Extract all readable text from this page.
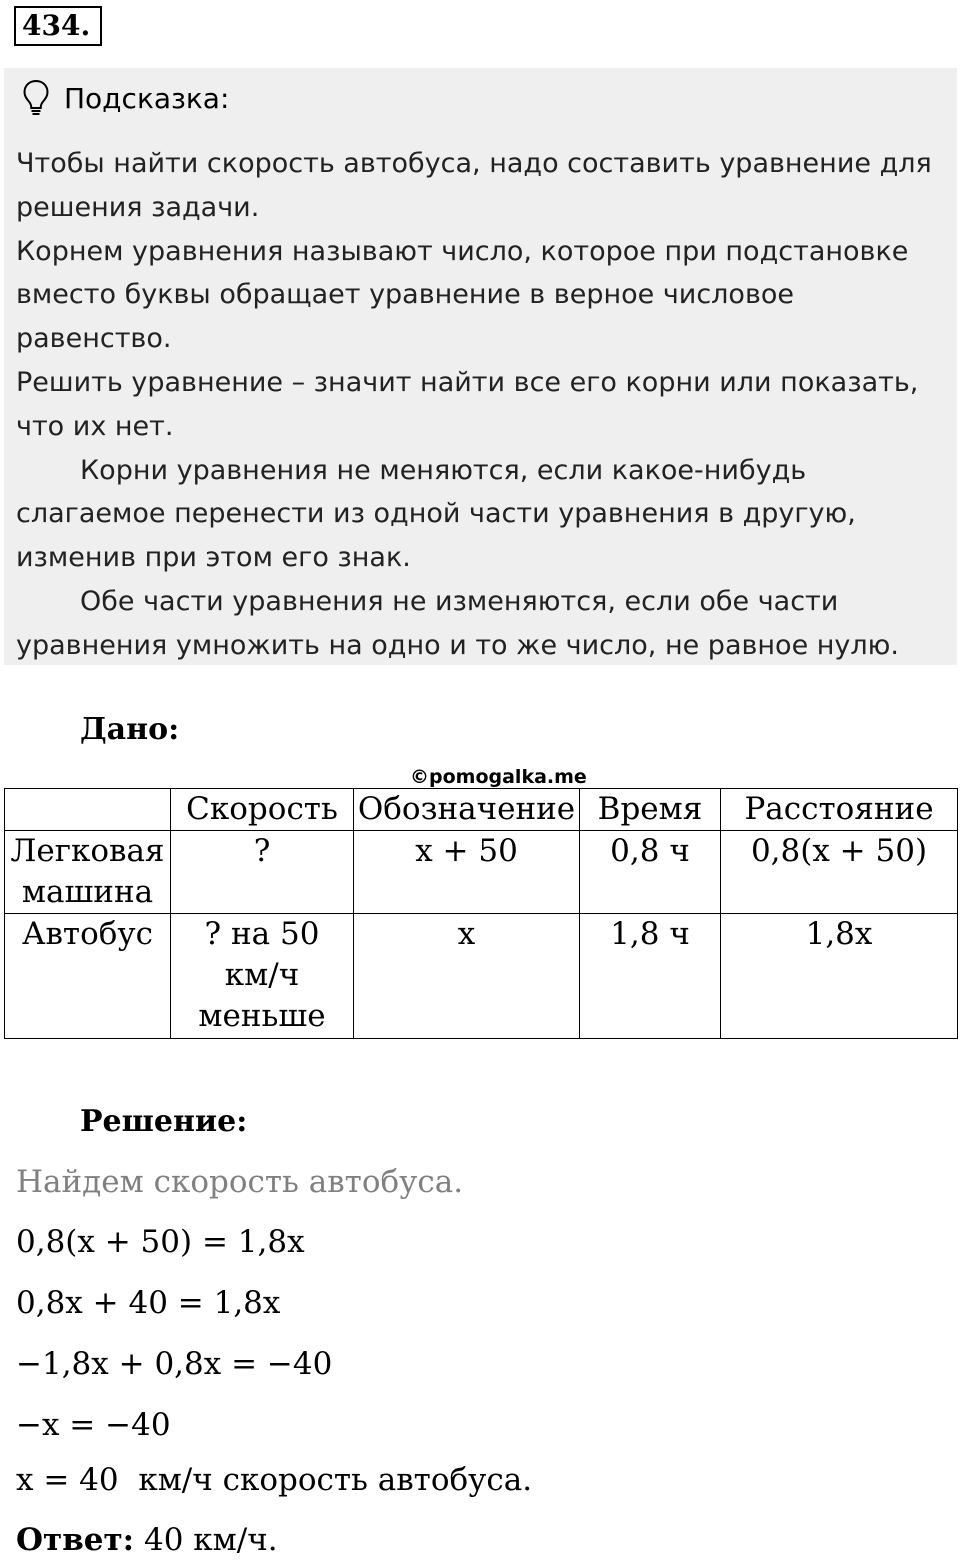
434.
Подсказка:

Чтобы найти скорость автобуса, надо составить уравнение для решения задачи.

Корнем уравнения называют число, которое при подстановке вместо буквы обращает уравнение в верное числовое равенство.

Решить уравнение – значит найти все его корни или показать, что их нет.

Корни уравнения не меняются, если какое-нибудь слагаемое перенести из одной части уравнения в другую, изменив при этом его знак.

Обе части уравнения не изменяются, если обе части уравнения умножить на одно и то же число, не равное нулю.

Дано:
©pomogalka.me
	Скорость	Обозначение	Время	Расстояние
Легковая машина	?	x + 50	0,8 ч	0,8(x + 50)
Автобус	? на 50 км/ч меньше	x	1,8 ч	1,8x
Решение:
Найдем скорость автобуса.
0,8(x + 50) = 1,8x
0,8x + 40 = 1,8x
−1,8x + 0,8x = −40
−x = −40
x = 40  км/ч скорость автобуса.
Ответ: 40 км/ч.
